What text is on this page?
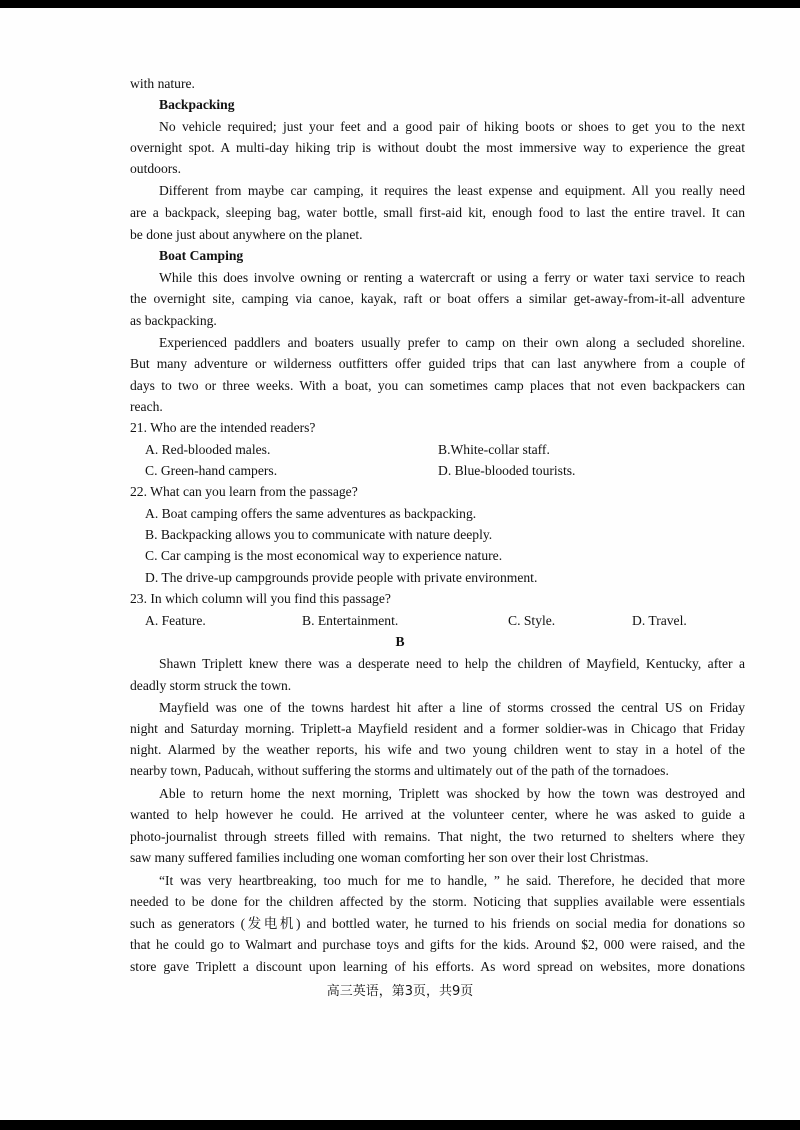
with nature.
Backpacking
No vehicle required; just your feet and a good pair of hiking boots or shoes to get you to the next
overnight spot. A multi-day hiking trip is without doubt the most immersive way to experience the great
outdoors.
Different from maybe car camping, it requires the least expense and equipment. All you really need
are a backpack, sleeping bag, water bottle, small first-aid kit, enough food to last the entire travel. It can
be done just about anywhere on the planet.
Boat Camping
While this does involve owning or renting a watercraft or using a ferry or water taxi service to reach
the overnight site, camping via canoe, kayak, raft or boat offers a similar get-away-from-it-all adventure
as backpacking.
Experienced paddlers and boaters usually prefer to camp on their own along a secluded shoreline.
But many adventure or wilderness outfitters offer guided trips that can last anywhere from a couple of
days to two or three weeks. With a boat, you can sometimes camp places that not even backpackers can
reach.
21. Who are the intended readers?
A. Red-blooded males.	B.White-collar staff.
C. Green-hand campers.	D. Blue-blooded tourists.
22. What can you learn from the passage?
A. Boat camping offers the same adventures as backpacking.
B. Backpacking allows you to communicate with nature deeply.
C. Car camping is the most economical way to experience nature.
D. The drive-up campgrounds provide people with private environment.
23. In which column will you find this passage?
A. Feature.	B. Entertainment.	C. Style.	D. Travel.
B
Shawn Triplett knew there was a desperate need to help the children of Mayfield, Kentucky, after a
deadly storm struck the town.
Mayfield was one of the towns hardest hit after a line of storms crossed the central US on Friday
night and Saturday morning. Triplett-a Mayfield resident and a former soldier-was in Chicago that Friday
night. Alarmed by the weather reports, his wife and two young children went to stay in a hotel of the
nearby town, Paducah, without suffering the storms and ultimately out of the path of the tornadoes.
Able to return home the next morning, Triplett was shocked by how the town was destroyed and
wanted to help however he could. He arrived at the volunteer center, where he was asked to guide a
photo-journalist through streets filled with remains. That night, the two returned to shelters where they
saw many suffered families including one woman comforting her son over their lost Christmas.
“It was very heartbreaking, too much for me to handle, ” he said. Therefore, he decided that more
needed to be done for the children affected by the storm. Noticing that supplies available were essentials
such as generators (发电机) and bottled water, he turned to his friends on social media for donations so
that he could go to Walmart and purchase toys and gifts for the kids. Around $2, 000 were raised, and the
store gave Triplett a discount upon learning of his efforts. As word spread on websites, more donations
高三英语，第3页，共9页
